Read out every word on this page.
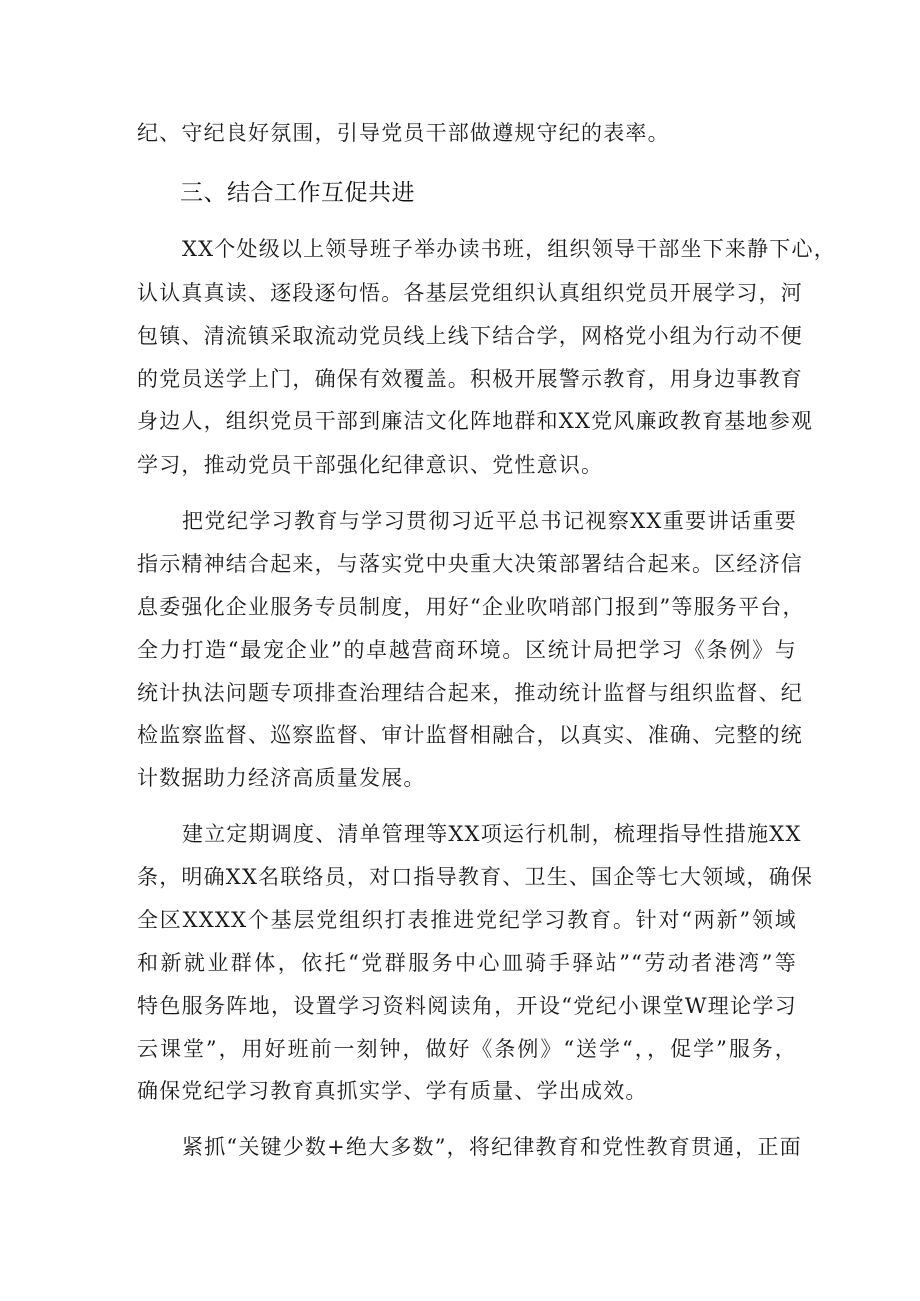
纪、守纪良好氛围，引导党员干部做遵规守纪的表率。
三、结合工作互促共进
XX个处级以上领导班子举办读书班，组织领导干部坐下来静下心，
认认真真读、逐段逐句悟。各基层党组织认真组织党员开展学习，河
包镇、清流镇采取流动党员线上线下结合学，网格党小组为行动不便
的党员送学上门，确保有效覆盖。积极开展警示教育，用身边事教育
身边人，组织党员干部到廉洁文化阵地群和XX党风廉政教育基地参观
学习，推动党员干部强化纪律意识、党性意识。
把党纪学习教育与学习贯彻习近平总书记视察XX重要讲话重要
指示精神结合起来，与落实党中央重大决策部署结合起来。区经济信
息委强化企业服务专员制度，用好“企业吹哨部门报到”等服务平台，
全力打造“最宠企业”的卓越营商环境。区统计局把学习《条例》与
统计执法问题专项排查治理结合起来，推动统计监督与组织监督、纪
检监察监督、巡察监督、审计监督相融合，以真实、准确、完整的统
计数据助力经济高质量发展。
建立定期调度、清单管理等XX项运行机制，梳理指导性措施XX
条，明确XX名联络员，对口指导教育、卫生、国企等七大领域，确保
全区XXXX个基层党组织打表推进党纪学习教育。针对“两新”领域
和新就业群体，依托“党群服务中心皿骑手驿站”“劳动者港湾”等
特色服务阵地，设置学习资料阅读角，开设“党纪小课堂W理论学习
云课堂”，用好班前一刻钟，做好《条例》“送学“，，促学”服务，
确保党纪学习教育真抓实学、学有质量、学出成效。
紧抓“关键少数+绝大多数”，将纪律教育和党性教育贯通，正面
